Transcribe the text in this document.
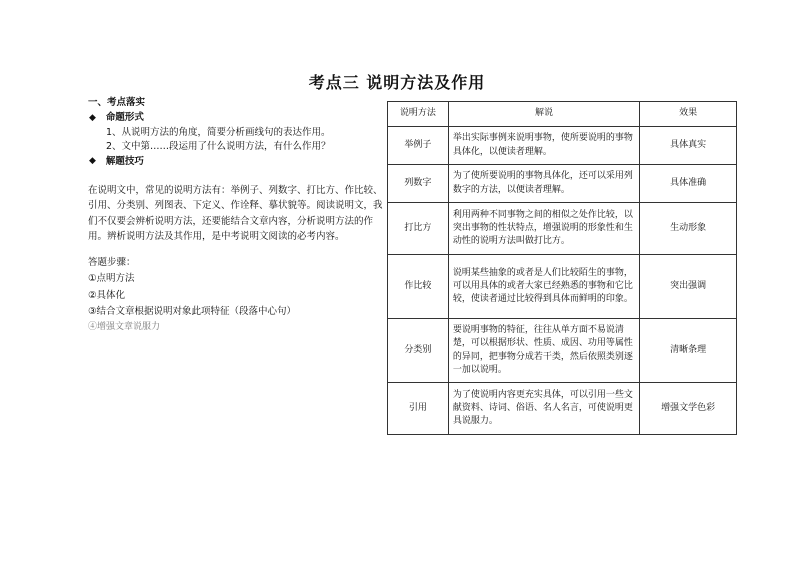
考点三 说明方法及作用
一、考点落实
◆ 命题形式
1、从说明方法的角度，简要分析画线句的表达作用。
2、文中第……段运用了什么说明方法，有什么作用？
◆ 解题技巧
在说明文中，常见的说明方法有：举例子、列数字、打比方、作比较、引用、分类别、列图表、下定义、作诠释、摹状貌等。阅读说明文，我们不仅要会辨析说明方法，还要能结合文章内容，分析说明方法的作用。辨析说明方法及其作用，是中考说明文阅读的必考内容。
答题步骤：
①点明方法
②具体化
③结合文章根据说明对象此项特征（段落中心句）
④增强文章说服力
说明方法	解说	效果
举例子	举出实际事例来说明事物，使所要说明的事物具体化，以便读者理解。	具体真实
列数字	为了使所要说明的事物具体化，还可以采用列数字的方法，以便读者理解。	具体准确
打比方	利用两种不同事物之间的相似之处作比较，以突出事物的性状特点，增强说明的形象性和生动性的说明方法叫做打比方。	生动形象
作比较	说明某些抽象的或者是人们比较陌生的事物，可以用具体的或者大家已经熟悉的事物和它比较，使读者通过比较得到具体而鲜明的印象。	突出强调
分类别	要说明事物的特征，往往从单方面不易说清楚，可以根据形状、性质、成因、功用等属性的异同，把事物分成若干类，然后依照类别逐一加以说明。	清晰条理
引用	为了使说明内容更充实具体，可以引用一些文献资料、诗词、俗语、名人名言，可使说明更具说服力。	增强文学色彩
